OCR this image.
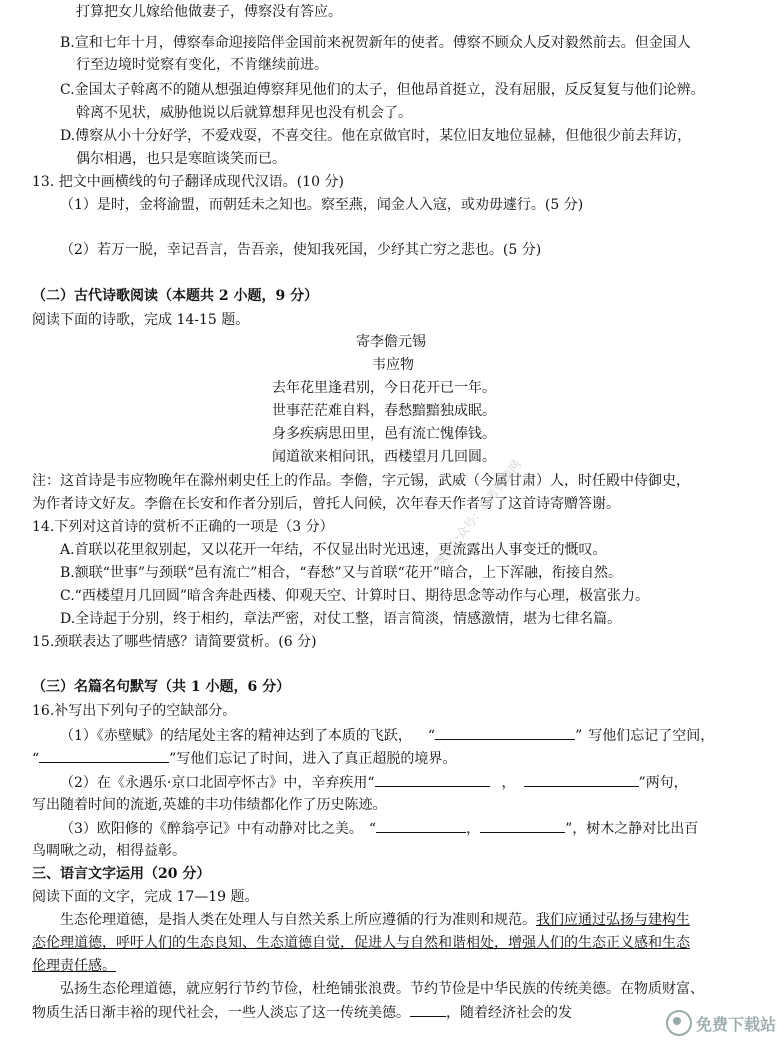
打算把女儿嫁给他做妻子，傅察没有答应。
B.宣和七年十月，傅察奉命迎接陪伴金国前来祝贺新年的使者。傅察不顾众人反对毅然前去。但金国人
行至边境时觉察有变化，不肯继续前进。
C.金国太子斡离不的随从想强迫傅察拜见他们的太子，但他昂首挺立，没有屈服，反反复复与他们论辨。
斡离不见状，威胁他说以后就算想拜见也没有机会了。
D.傅察从小十分好学，不爱戏耍，不喜交往。他在京做官时，某位旧友地位显赫，但他很少前去拜访，
偶尔相遇，也只是寒暄谈笑而已。
13. 把文中画横线的句子翻译成现代汉语。(10 分)
（1）是时，金将渝盟，而朝廷未之知也。察至燕，闻金人入寇，或劝毋遽行。(5 分)
（2）若万一脱，幸记吾言，告吾亲，使知我死国，少纾其亡穷之悲也。(5 分)
（二）古代诗歌阅读（本题共 2 小题，9 分）
阅读下面的诗歌，完成 14-15 题。
寄李儋元锡
韦应物
去年花里逢君别，今日花开已一年。
世事茫茫难自料，春愁黯黯独成眠。
身多疾病思田里，邑有流亡愧俸钱。
闻道欲来相问讯，西楼望月几回圆。
注：这首诗是韦应物晚年在滁州刺史任上的作品。李儋，字元锡，武威（今属甘肃）人，时任殿中侍御史，
为作者诗文好友。李儋在长安和作者分别后，曾托人问候，次年春天作者写了这首诗寄赠答谢。
14.下列对这首诗的赏析不正确的一项是（3 分）
A.首联以花里叙别起，又以花开一年结，不仅显出时光迅速，更流露出人事变迁的慨叹。
B.额联“世事”与颈联“邑有流亡”相合，“春愁”又与首联“花开”暗合，上下浑融，衔接自然。
C.“西楼望月几回圆”暗含奔赴西楼、仰观天空、计算时日、期待思念等动作与心理，极富张力。
D.全诗起于分别，终于相约，章法严密，对仗工整，语言简淡，情感激情，堪为七律名篇。
15.颈联表达了哪些情感？请简要赏析。(6 分)
（三）名篇名句默写（共 1 小题，6 分）
16.补写出下列句子的空缺部分。
（1）《赤壁赋》的结尾处主客的精神达到了本质的飞跃， “	” 写他们忘记了空间，
“	”写他们忘记了时间，进入了真正超脱的境界。
（2）在《永遇乐·京口北固亭怀古》中，辛弃疾用“	，	”两句，
写出随着时间的流逝,英雄的丰功伟绩都化作了历史陈迹。
（3）欧阳修的《醉翁亭记》中有动静对比之美。 “	，	”，树木之静对比出百
鸟啁啾之动，相得益彰。
三、语言文字运用（20 分）
阅读下面的文字，完成 17—19 题。
生态伦理道德，是指人类在处理人与自然关系上所应遵循的行为准则和规范。我们应通过弘扬与建构生
态伦理道德，呼吁人们的生态良知、生态道德自觉，促进人与自然和谐相处，增强人们的生态正义感和生态
伦理责任感。
弘扬生态伦理道德，就应躬行节约节俭，杜绝铺张浪费。节约节俭是中华民族的传统美德。在物质财富、
物质生活日渐丰裕的现代社会，一些人淡忘了这一传统美德。	，随着经济社会的发
微信公众号：高考资源网
免费下载站
